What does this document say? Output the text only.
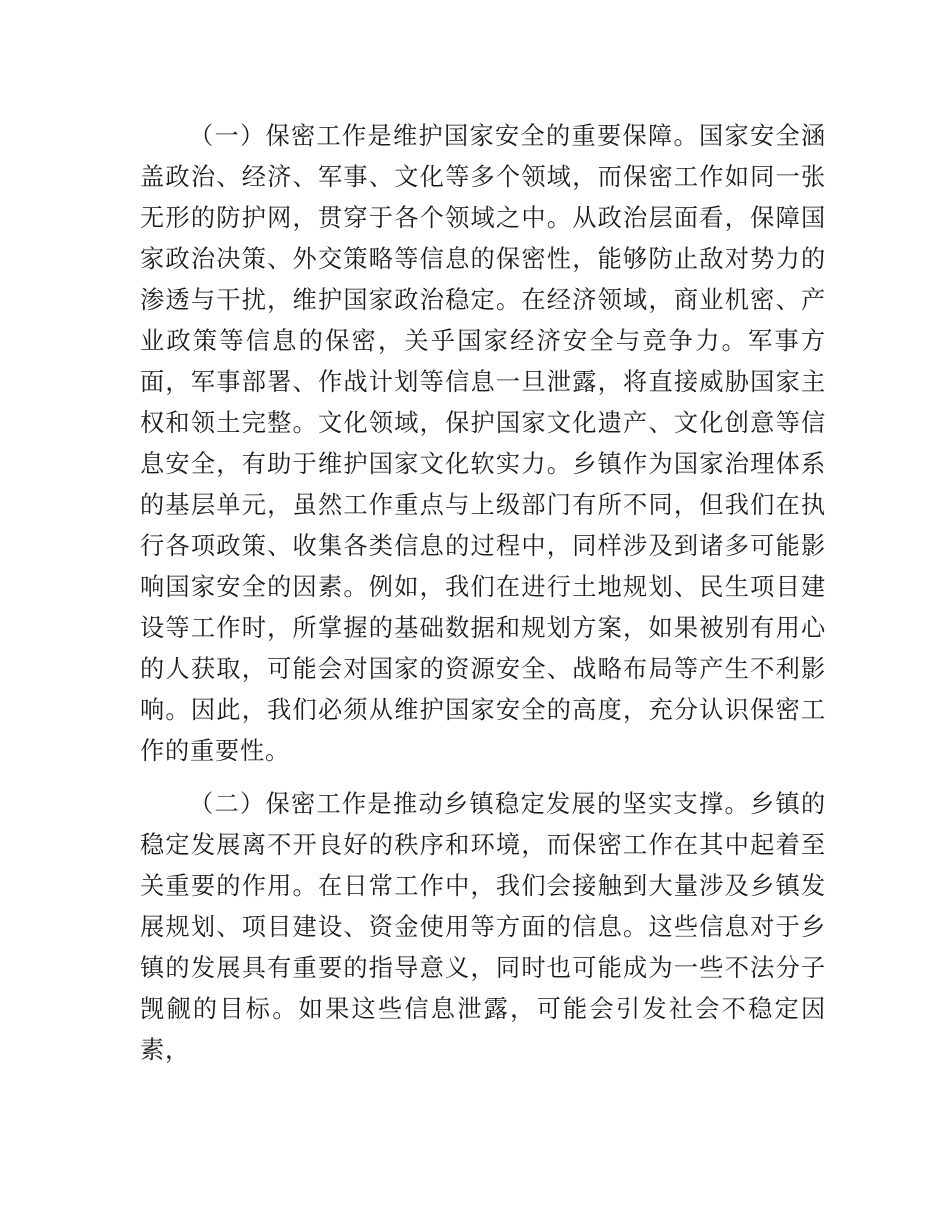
（一）保密工作是维护国家安全的重要保障。国家安全涵盖政治、经济、军事、文化等多个领域，而保密工作如同一张无形的防护网，贯穿于各个领域之中。从政治层面看，保障国家政治决策、外交策略等信息的保密性，能够防止敌对势力的渗透与干扰，维护国家政治稳定。在经济领域，商业机密、产业政策等信息的保密，关乎国家经济安全与竞争力。军事方面，军事部署、作战计划等信息一旦泄露，将直接威胁国家主权和领土完整。文化领域，保护国家文化遗产、文化创意等信息安全，有助于维护国家文化软实力。乡镇作为国家治理体系的基层单元，虽然工作重点与上级部门有所不同，但我们在执行各项政策、收集各类信息的过程中，同样涉及到诸多可能影响国家安全的因素。例如，我们在进行土地规划、民生项目建设等工作时，所掌握的基础数据和规划方案，如果被别有用心的人获取，可能会对国家的资源安全、战略布局等产生不利影响。因此，我们必须从维护国家安全的高度，充分认识保密工作的重要性。

（二）保密工作是推动乡镇稳定发展的坚实支撑。乡镇的稳定发展离不开良好的秩序和环境，而保密工作在其中起着至关重要的作用。在日常工作中，我们会接触到大量涉及乡镇发展规划、项目建设、资金使用等方面的信息。这些信息对于乡镇的发展具有重要的指导意义，同时也可能成为一些不法分子觊觎的目标。如果这些信息泄露，可能会引发社会不稳定因素，
